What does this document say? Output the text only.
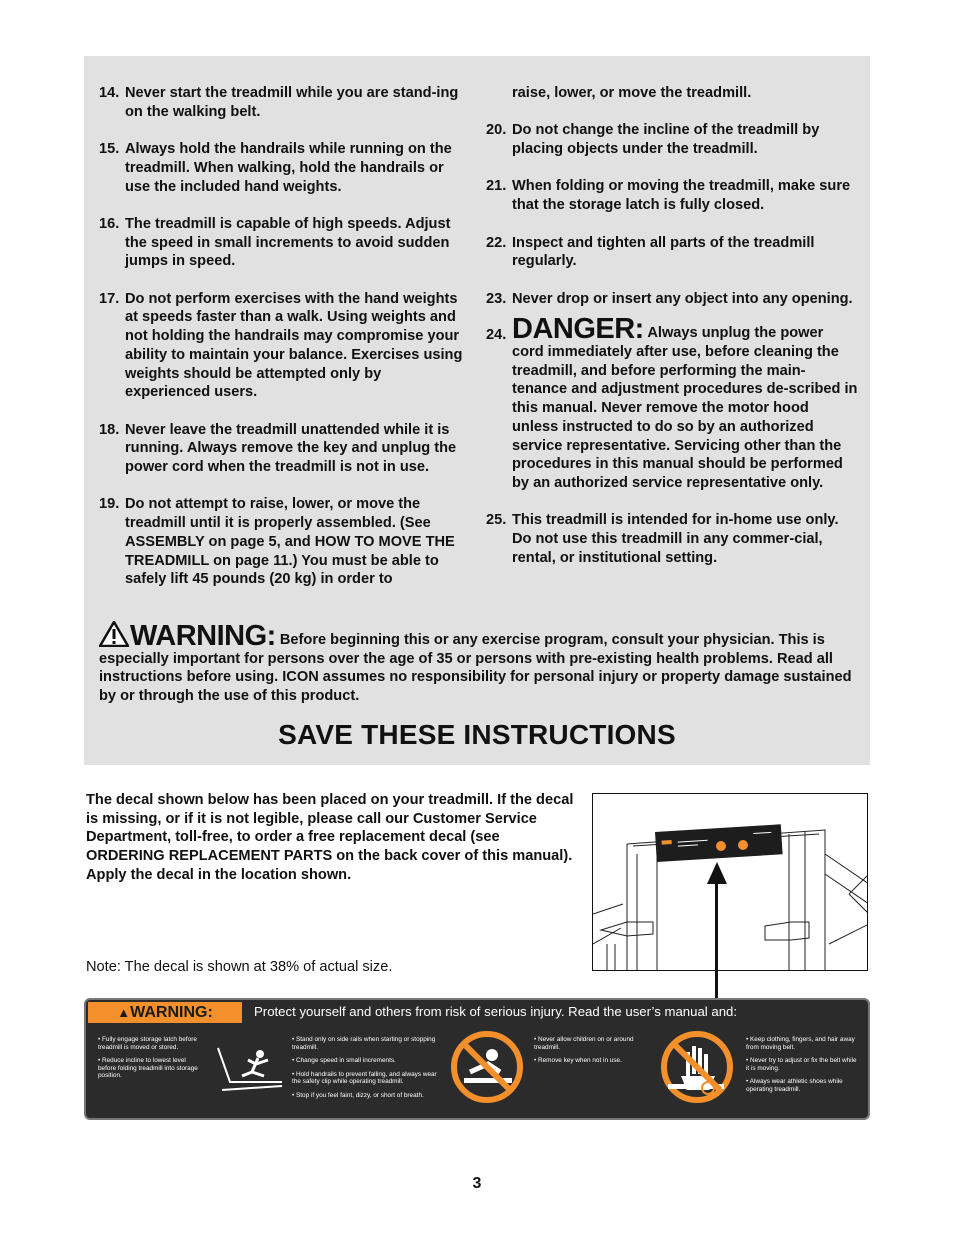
14. Never start the treadmill while you are stand-ing on the walking belt.
15. Always hold the handrails while running on the treadmill. When walking, hold the handrails or use the included hand weights.
16. The treadmill is capable of high speeds. Adjust the speed in small increments to avoid sudden jumps in speed.
17. Do not perform exercises with the hand weights at speeds faster than a walk. Using weights and not holding the handrails may compromise your ability to maintain your balance. Exercises using weights should be attempted only by experienced users.
18. Never leave the treadmill unattended while it is running. Always remove the key and unplug the power cord when the treadmill is not in use.
19. Do not attempt to raise, lower, or move the treadmill until it is properly assembled. (See ASSEMBLY on page 5, and HOW TO MOVE THE TREADMILL on page 11.) You must be able to safely lift 45 pounds (20 kg) in order to
raise, lower, or move the treadmill.
20. Do not change the incline of the treadmill by placing objects under the treadmill.
21. When folding or moving the treadmill, make sure that the storage latch is fully closed.
22. Inspect and tighten all parts of the treadmill regularly.
23. Never drop or insert any object into any opening.
24. DANGER: Always unplug the power cord immediately after use, before cleaning the treadmill, and before performing the main-tenance and adjustment procedures de-scribed in this manual. Never remove the motor hood unless instructed to do so by an authorized service representative. Servicing other than the procedures in this manual should be performed by an authorized service representative only.
25. This treadmill is intended for in-home use only. Do not use this treadmill in any commer-cial, rental, or institutional setting.
WARNING: Before beginning this or any exercise program, consult your physician. This is especially important for persons over the age of 35 or persons with pre-existing health problems. Read all instructions before using. ICON assumes no responsibility for personal injury or property damage sustained by or through the use of this product.
SAVE THESE INSTRUCTIONS
The decal shown below has been placed on your treadmill. If the decal is missing, or if it is not legible, please call our Customer Service Department, toll-free, to order a free replacement decal (see ORDERING REPLACEMENT PARTS on the back cover of this manual). Apply the decal in the location shown.
Note: The decal is shown at 38% of actual size.
▲WARNING:	Protect yourself and others from risk of serious injury. Read the user’s manual and:

• Fully engage storage latch before treadmill is moved or stored.

• Reduce incline to lowest level before folding treadmill into storage position.

• Stand only on side rails when starting or stopping treadmill.

• Change speed in small increments.

• Hold handrails to prevent falling, and always wear the safety clip while operating treadmill.

• Stop if you feel faint, dizzy, or short of breath.

• Never allow children on or around treadmill.

• Remove key when not in use.

• Keep clothing, fingers, and hair away from moving belt.

• Never try to adjust or fix the belt while it is moving.

• Always wear athletic shoes while operating treadmill.

3
